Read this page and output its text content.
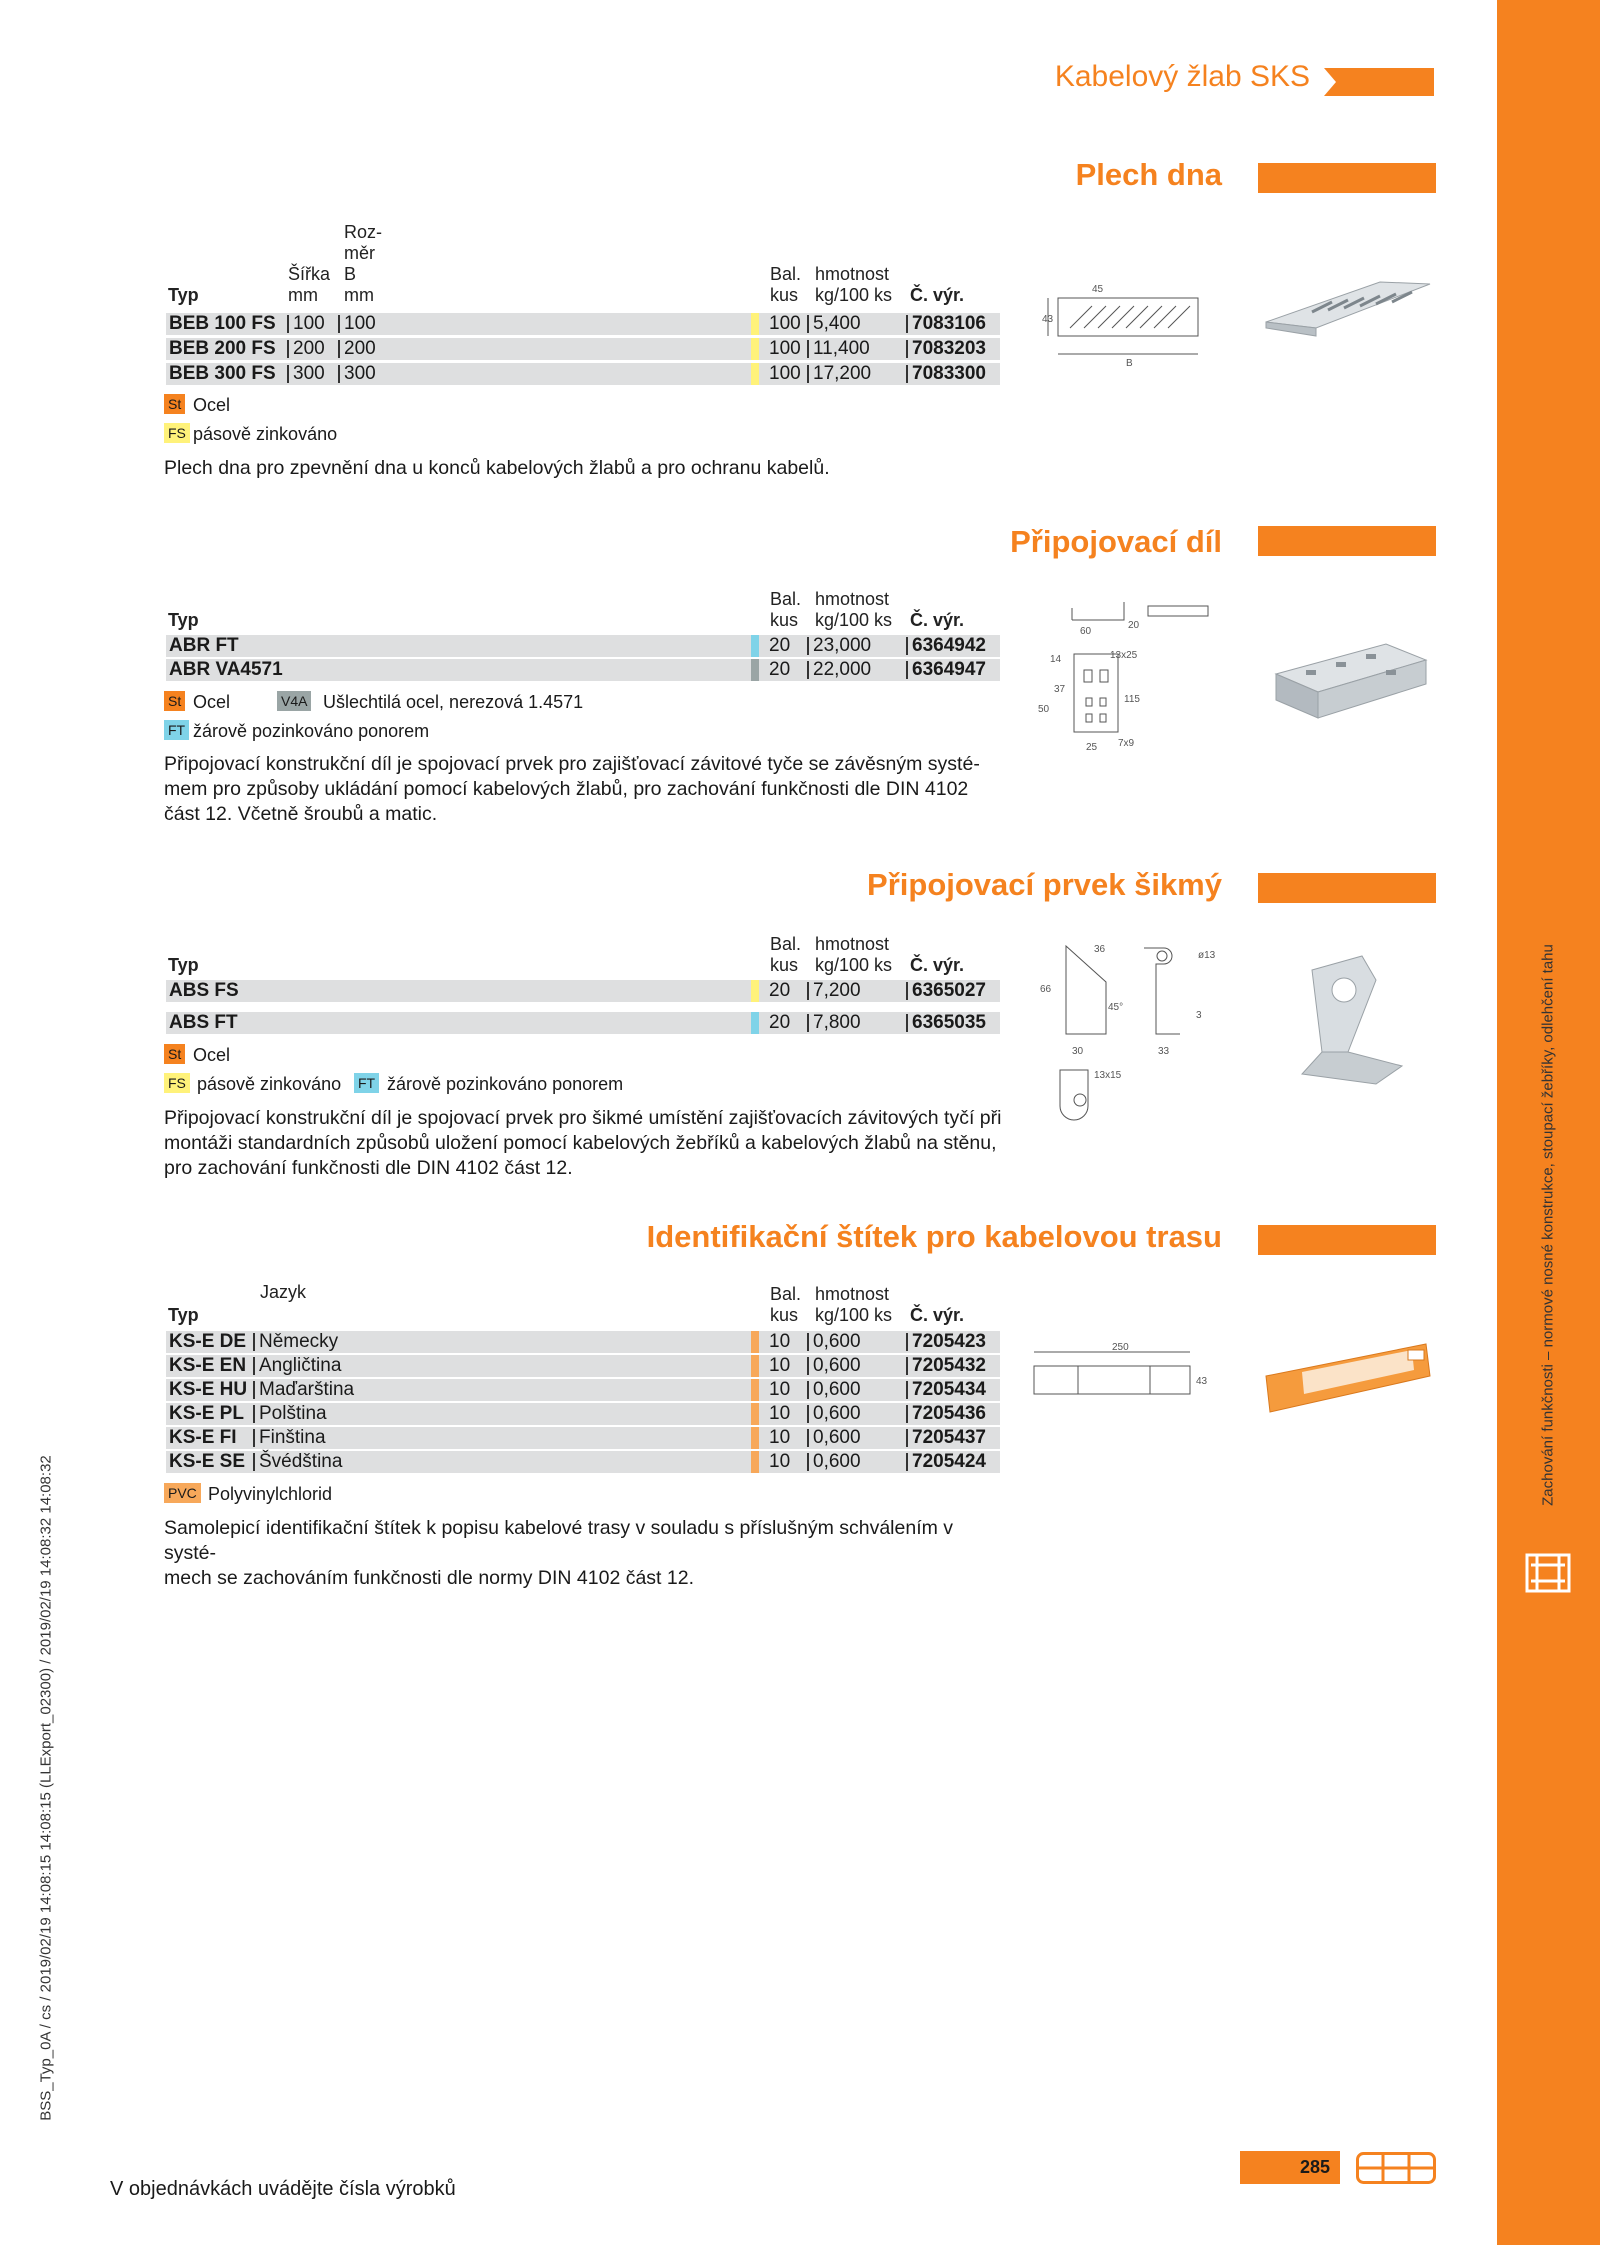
Zachování funkčnosti – normové nosné konstrukce, stoupací žebříky, odlehčení tahu
BSS_Typ_0A / cs / 2019/02/19 14:08:15 14:08:15 (LLExport_02300) / 2019/02/19 14:08:32 14:08:32
Kabelový žlab SKS
Plech dna
Roz-
měr
B
mm
Šířka
mm
Typ
Bal.
kus
hmotnost
kg/100 ks Č. výr.
BEB 100 FS 100 100	100 5,400	7083106
BEB 200 FS 200 200	100 11,400 7083203
BEB 300 FS 300 300	100 17,200 7083300
St Ocel
FS pásově zinkováno
Plech dna pro zpevnění dna u konců kabelových žlabů a pro ochranu kabelů.
45
43
B
Připojovací díl
Typ
Bal.
kus
hmotnost
kg/100 ks Č. výr.
ABR FT	20 23,000 6364942
ABR VA4571	20 22,000 6364947
St Ocel	V4A Ušlechtilá ocel, nerezová 1.4571
FT žárově pozinkováno ponorem
Připojovací konstrukční díl je spojovací prvek pro zajišťovací závitové tyče se závěsným systé-
mem pro způsoby ukládání pomocí kabelových žlabů, pro zachování funkčnosti dle DIN 4102
část 12. Včetně šroubů a matic.
60
20
13x25
14
50
37
115
25 7x9
Připojovací prvek šikmý
Typ
Bal.
kus
hmotnost
kg/100 ks Č. výr.
ABS FS	20 7,200	6365027
ABS FT	20 7,800	6365035
St Ocel
FS pásově zinkováno FT žárově pozinkováno ponorem
Připojovací konstrukční díl je spojovací prvek pro šikmé umístění zajišťovacích závitových tyčí při
montáži standardních způsobů uložení pomocí kabelových žebříků a kabelových žlabů na stěnu,
pro zachování funkčnosti dle DIN 4102 část 12.
36
ø13
66
45°
3
30	33
13x15
Identifikační štítek pro kabelovou trasu
Jazyk
Typ
Bal.
kus
hmotnost
kg/100 ks Č. výr.
KS-E DE Německy	10 0,600	7205423
KS-E EN Angličtina	10 0,600	7205432
KS-E HU Maďarština	10 0,600	7205434
KS-E PL Polština	10 0,600	7205436
KS-E FI Finština	10 0,600	7205437
KS-E SE Švédština	10 0,600	7205424
PVC Polyvinylchlorid
Samolepicí identifikační štítek k popisu kabelové trasy v souladu s příslušným schválením v systé-
mech se zachováním funkčnosti dle normy DIN 4102 část 12.
250
43
V objednávkách uvádějte čísla výrobků
285
